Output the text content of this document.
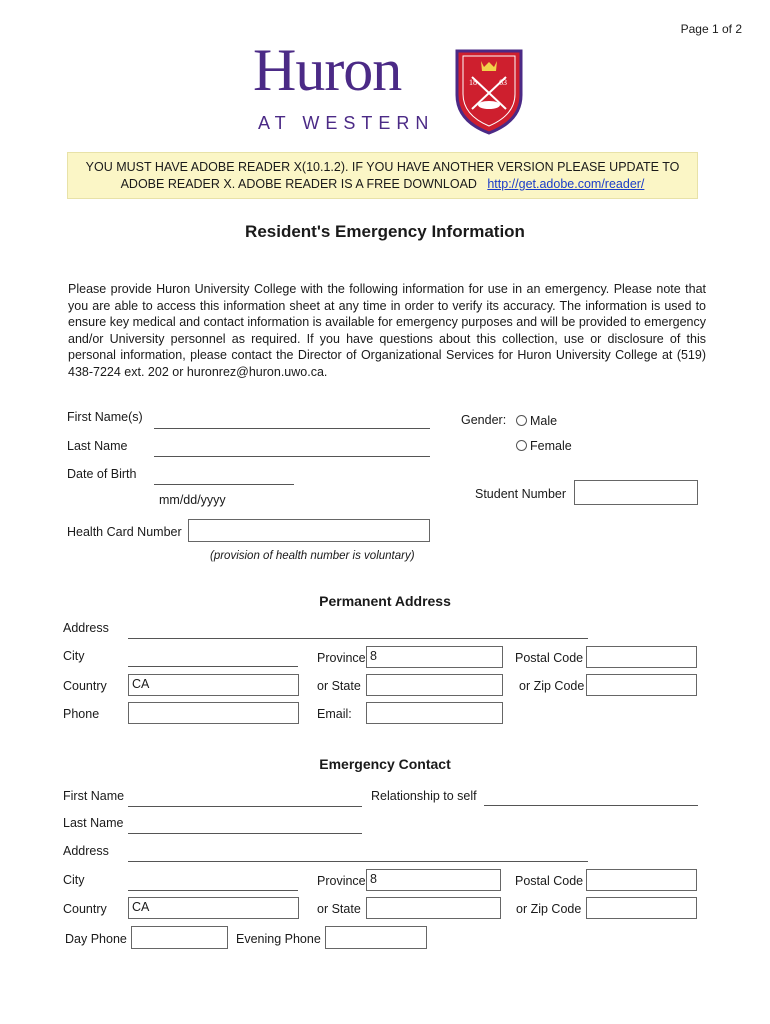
Page 1 of 2
Huron
AT WESTERN
18	63
YOU MUST HAVE ADOBE READER X(10.1.2). IF YOU HAVE ANOTHER VERSION PLEASE UPDATE TO
ADOBE READER X. ADOBE READER IS A FREE DOWNLOAD http://get.adobe.com/reader/
Resident's Emergency Information
Please provide Huron University College with the following information for use in an emergency. Please note that you are able to access this information sheet at any time in order to verify its accuracy. The information is used to ensure key medical and contact information is available for emergency purposes and will be provided to emergency and/or University personnel as required. If you have questions about this collection, use or disclosure of this personal information, please contact the Director of Organizational Services for Huron University College at (519) 438-7224 ext. 202 or huronrez@huron.uwo.ca.
First Name(s)
Last Name
Date of Birth
mm/dd/yyyy
Health Card Number
(provision of health number is voluntary)
Gender:	Male
Female
Student Number
Permanent Address
Address
City	Province 8	Postal Code
Country	CA	or State	or Zip Code
Phone	Email:
Emergency Contact
First Name	Relationship to self
Last Name
Address
City	Province 8	Postal Code
Country	CA	or State	or Zip Code
Day Phone	Evening Phone
